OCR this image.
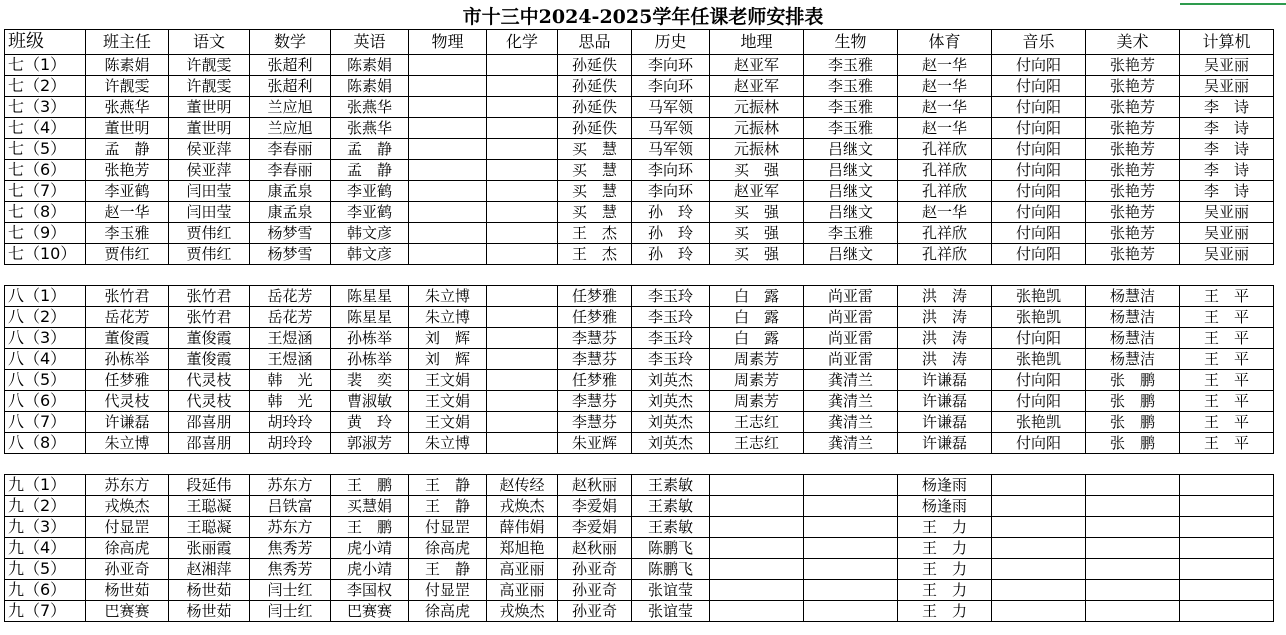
市十三中2024-2025学年任课老师安排表
班级	班主任	语文	数学	英语	物理	化学	思品	历史	地理	生物	体育	音乐	美术	计算机
七（1）	陈素娟	许靓雯	张超利	陈素娟			孙延佚	李向环	赵亚军	李玉雅	赵一华	付向阳	张艳芳	吴亚丽
七（2）	许靓雯	许靓雯	张超利	陈素娟			孙延佚	李向环	赵亚军	李玉雅	赵一华	付向阳	张艳芳	吴亚丽
七（3）	张燕华	董世明	兰应旭	张燕华			孙延佚	马军领	元振林	李玉雅	赵一华	付向阳	张艳芳	李　诗
七（4）	董世明	董世明	兰应旭	张燕华			孙延佚	马军领	元振林	李玉雅	赵一华	付向阳	张艳芳	李　诗
七（5）	孟　静	侯亚萍	李春丽	孟　静			买　慧	马军领	元振林	吕继文	孔祥欣	付向阳	张艳芳	李　诗
七（6）	张艳芳	侯亚萍	李春丽	孟　静			买　慧	李向环	买　强	吕继文	孔祥欣	付向阳	张艳芳	李　诗
七（7）	李亚鹤	闫田莹	康孟泉	李亚鹤			买　慧	李向环	赵亚军	吕继文	孔祥欣	付向阳	张艳芳	李　诗
七（8）	赵一华	闫田莹	康孟泉	李亚鹤			买　慧	孙　玲	买　强	吕继文	赵一华	付向阳	张艳芳	吴亚丽
七（9）	李玉雅	贾伟红	杨梦雪	韩文彦			王　杰	孙　玲	买　强	李玉雅	孔祥欣	付向阳	张艳芳	吴亚丽
七（10）	贾伟红	贾伟红	杨梦雪	韩文彦			王　杰	孙　玲	买　强	吕继文	孔祥欣	付向阳	张艳芳	吴亚丽

八（1）	张竹君	张竹君	岳花芳	陈星星	朱立博		任梦雅	李玉玲	白　露	尚亚雷	洪　涛	张艳凯	杨慧洁	王　平
八（2）	岳花芳	张竹君	岳花芳	陈星星	朱立博		任梦雅	李玉玲	白　露	尚亚雷	洪　涛	张艳凯	杨慧洁	王　平
八（3）	董俊霞	董俊霞	王煜涵	孙栋举	刘　辉		李慧芬	李玉玲	白　露	尚亚雷	洪　涛	付向阳	杨慧洁	王　平
八（4）	孙栋举	董俊霞	王煜涵	孙栋举	刘　辉		李慧芬	李玉玲	周素芳	尚亚雷	洪　涛	张艳凯	杨慧洁	王　平
八（5）	任梦雅	代灵枝	韩　光	裴　奕	王文娟		任梦雅	刘英杰	周素芳	龚清兰	许谦磊	付向阳	张　鹏	王　平
八（6）	代灵枝	代灵枝	韩　光	曹淑敏	王文娟		李慧芬	刘英杰	周素芳	龚清兰	许谦磊	付向阳	张　鹏	王　平
八（7）	许谦磊	邵喜朋	胡玲玲	黄　玲	王文娟		李慧芬	刘英杰	王志红	龚清兰	许谦磊	张艳凯	张　鹏	王　平
八（8）	朱立博	邵喜朋	胡玲玲	郭淑芳	朱立博		朱亚辉	刘英杰	王志红	龚清兰	许谦磊	付向阳	张　鹏	王　平

九（1）	苏东方	段延伟	苏东方	王　鹏	王　静	赵传经	赵秋丽	王素敏			杨逢雨			
九（2）	戎焕杰	王聪凝	吕铁富	买慧娟	王　静	戎焕杰	李爱娟	王素敏			杨逢雨			
九（3）	付显罡	王聪凝	苏东方	王　鹏	付显罡	薛伟娟	李爱娟	王素敏			王　力			
九（4）	徐高虎	张丽霞	焦秀芳	虎小靖	徐高虎	郑旭艳	赵秋丽	陈鹏飞			王　力			
九（5）	孙亚奇	赵湘萍	焦秀芳	虎小靖	王　静	高亚丽	孙亚奇	陈鹏飞			王　力			
九（6）	杨世茹	杨世茹	闫士红	李国权	付显罡	高亚丽	孙亚奇	张谊莹			王　力			
九（7）	巴赛赛	杨世茹	闫士红	巴赛赛	徐高虎	戎焕杰	孙亚奇	张谊莹			王　力			
